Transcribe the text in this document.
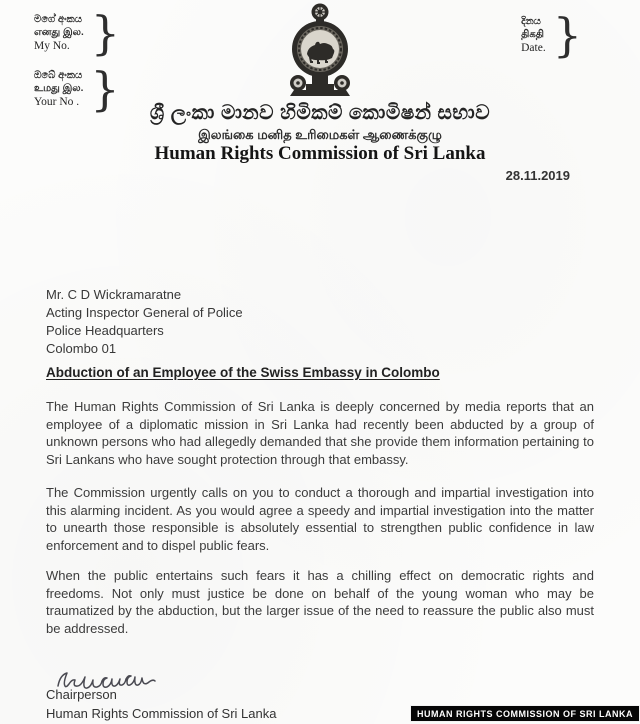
මගේ අංකය
எனது இல.
My No. }
ඔබේ අංකය
உமது இல.
Your No . }
දිනය
திகதி
Date. }
ශ්‍රී ලංකා මානව හිමිකම් කොමිෂන් සභාව
இலங்கை மனித உரிமைகள் ஆணைக்குழு
Human Rights Commission of Sri Lanka
28.11.2019
Mr. C D Wickramaratne
Acting Inspector General of Police
Police Headquarters
Colombo 01
Abduction of an Employee of the Swiss Embassy in Colombo

The Human Rights Commission of Sri Lanka is deeply concerned by media reports that an employee of a diplomatic mission in Sri Lanka had recently been abducted by a group of unknown persons who had allegedly demanded that she provide them information pertaining to Sri Lankans who have sought protection through that embassy.

The Commission urgently calls on you to conduct a thorough and impartial investigation into this alarming incident. As you would agree a speedy and impartial investigation into the matter to unearth those responsible is absolutely essential to strengthen public confidence in law enforcement and to dispel public fears.

When the public entertains such fears it has a chilling effect on democratic rights and freedoms. Not only must justice be done on behalf of the young woman who may be traumatized by the abduction, but the larger issue of the need to reassure the public also must be addressed.

Chairperson
Human Rights Commission of Sri Lanka	HUMAN RIGHTS COMMISSION OF SRI LANKA
